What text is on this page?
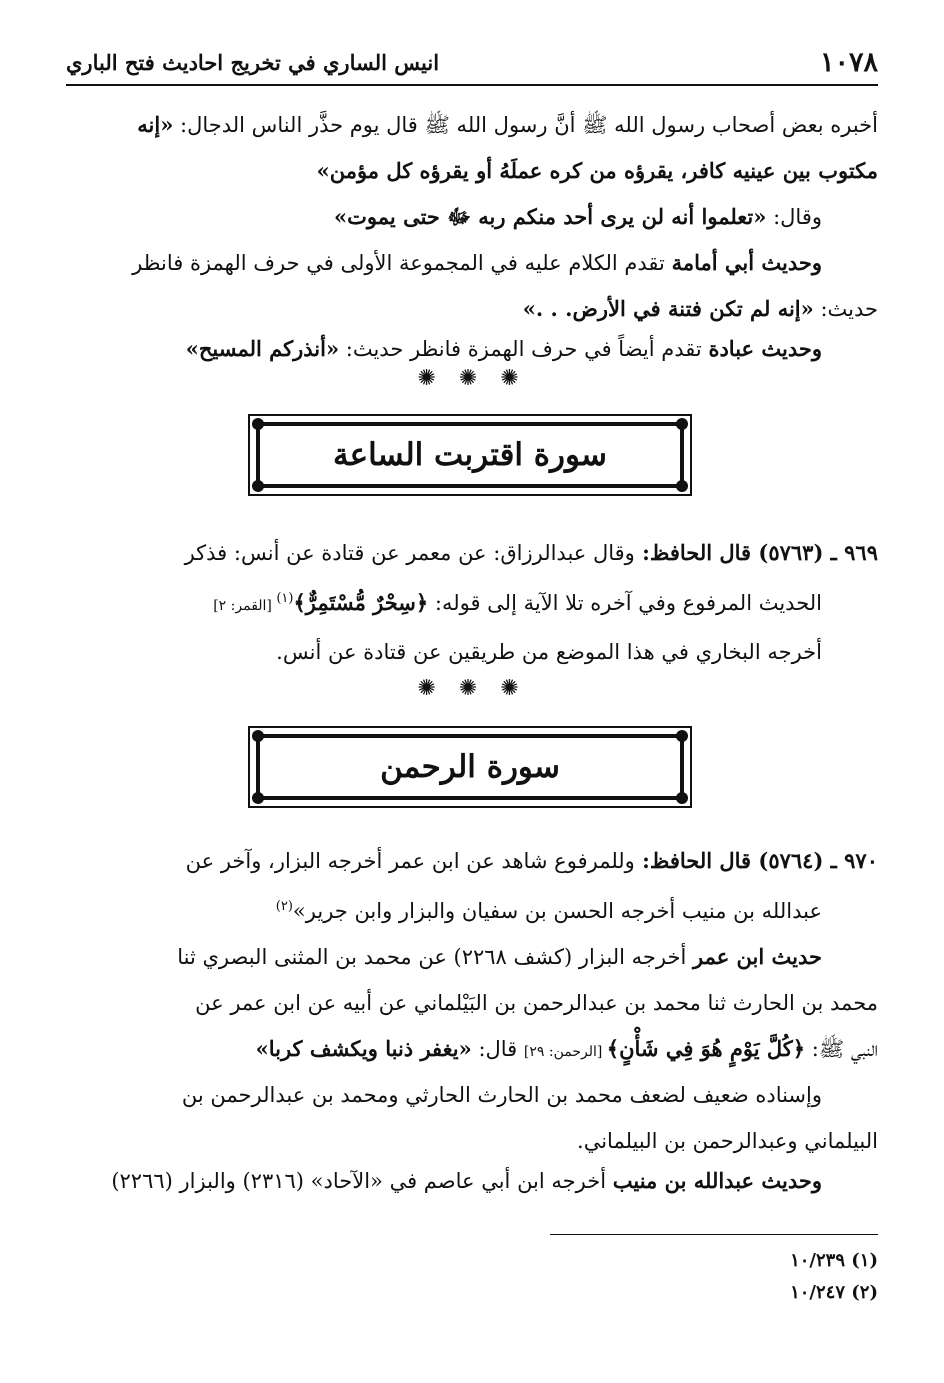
١٠٧٨
انيس الساري في تخريج احاديث فتح الباري
أخبره بعض أصحاب رسول الله ﷺ أنَّ رسول الله ﷺ قال يوم حذَّر الناس الدجال: «إنه
مكتوب بين عينيه كافر، يقرؤه من كره عملَهُ أو يقرؤه كل مؤمن»
وقال: «تعلموا أنه لن يرى أحد منكم ربه ﷻ حتى يموت»
وحديث أبي أمامة تقدم الكلام عليه في المجموعة الأولى في حرف الهمزة فانظر
حديث: «إنه لم تكن فتنة في الأرض. . .»
وحديث عبادة تقدم أيضاً في حرف الهمزة فانظر حديث: «أنذركم المسيح»
✺ ✺ ✺
سورة اقتربت الساعة
٩٦٩ ـ (٥٧٦٣) قال الحافظ: وقال عبدالرزاق: عن معمر عن قتادة عن أنس: فذكر
الحديث المرفوع وفي آخره تلا الآية إلى قوله: ﴿سِحْرٌ مُّسْتَمِرٌّ﴾$^{(١)}$ [القمر: ٢]
أخرجه البخاري في هذا الموضع من طريقين عن قتادة عن أنس.
✺ ✺ ✺
سورة الرحمن
٩٧٠ ـ (٥٧٦٤) قال الحافظ: وللمرفوع شاهد عن ابن عمر أخرجه البزار، وآخر عن
عبدالله بن منيب أخرجه الحسن بن سفيان والبزار وابن جرير»$^{(٢)}$
حديث ابن عمر أخرجه البزار (كشف ٢٢٦٨) عن محمد بن المثنى البصري ثنا
محمد بن الحارث ثنا محمد بن عبدالرحمن بن البَيْلماني عن أبيه عن ابن عمر عن
النبي ﷺ: ﴿كُلَّ يَوْمٍ هُوَ فِي شَأْنٍ﴾ [الرحمن: ٢٩] قال: «يغفر ذنبا ويكشف كربا»
وإسناده ضعيف لضعف محمد بن الحارث الحارثي ومحمد بن عبدالرحمن بن
البيلماني وعبدالرحمن بن البيلماني.
وحديث عبدالله بن منيب أخرجه ابن أبي عاصم في «الآحاد» (٢٣١٦) والبزار (٢٢٦٦)
(١) ١٠/٢٣٩
(٢) ١٠/٢٤٧
